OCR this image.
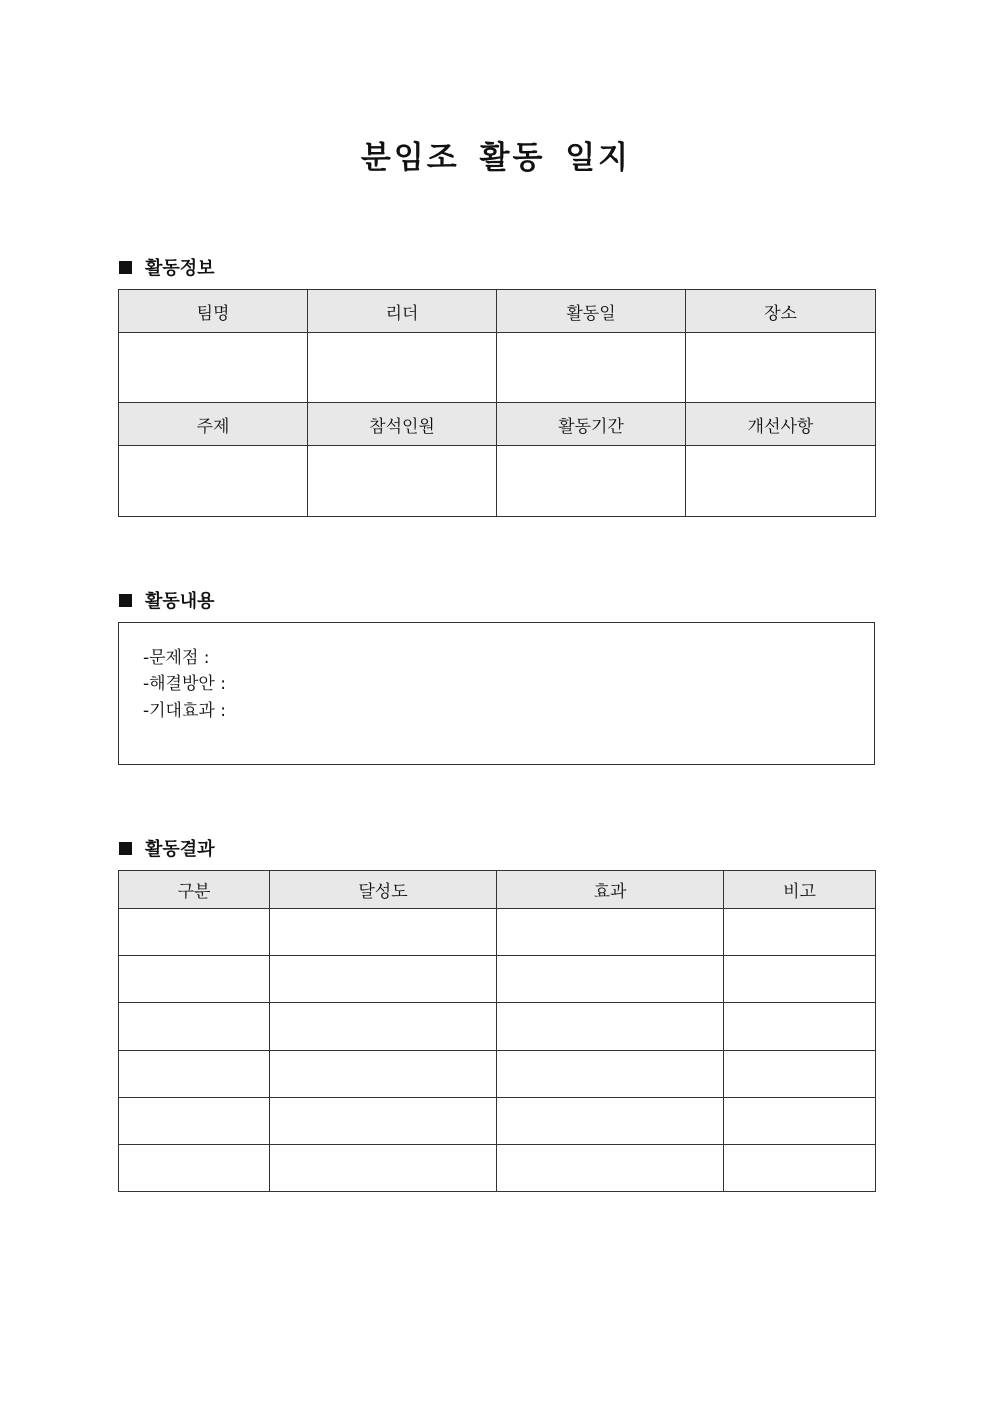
분임조 활동 일지
활동정보
팀명	리더	활동일	장소

주제	참석인원	활동기간	개선사항

활동내용
-문제점 :
-해결방안 :
-기대효과 :
활동결과
구분	달성도	효과	비고
